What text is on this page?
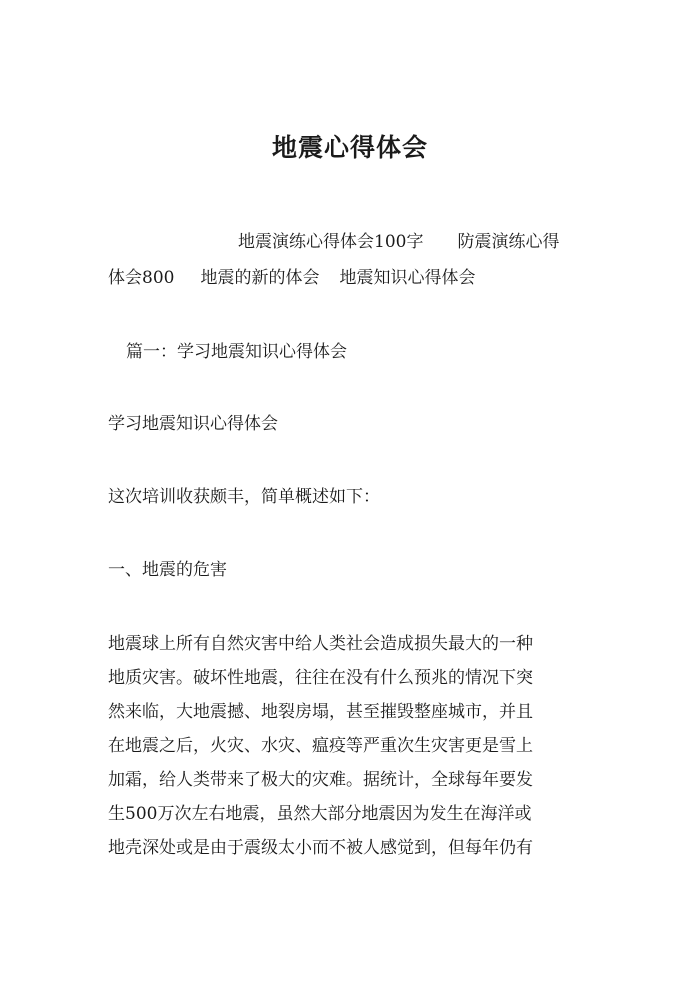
地震心得体会

地震演练心得体会100字 防震演练心得

体会800 地震的新的体会 地震知识心得体会

篇一：学习地震知识心得体会

学习地震知识心得体会

这次培训收获颇丰，简单概述如下：

一、地震的危害

地震球上所有自然灾害中给人类社会造成损失最大的一种
地质灾害。破坏性地震，往往在没有什么预兆的情况下突
然来临，大地震撼、地裂房塌，甚至摧毁整座城市，并且
在地震之后，火灾、水灾、瘟疫等严重次生灾害更是雪上
加霜，给人类带来了极大的灾难。据统计，全球每年要发
生500万次左右地震，虽然大部分地震因为发生在海洋或
地壳深处或是由于震级太小而不被人感觉到，但每年仍有
